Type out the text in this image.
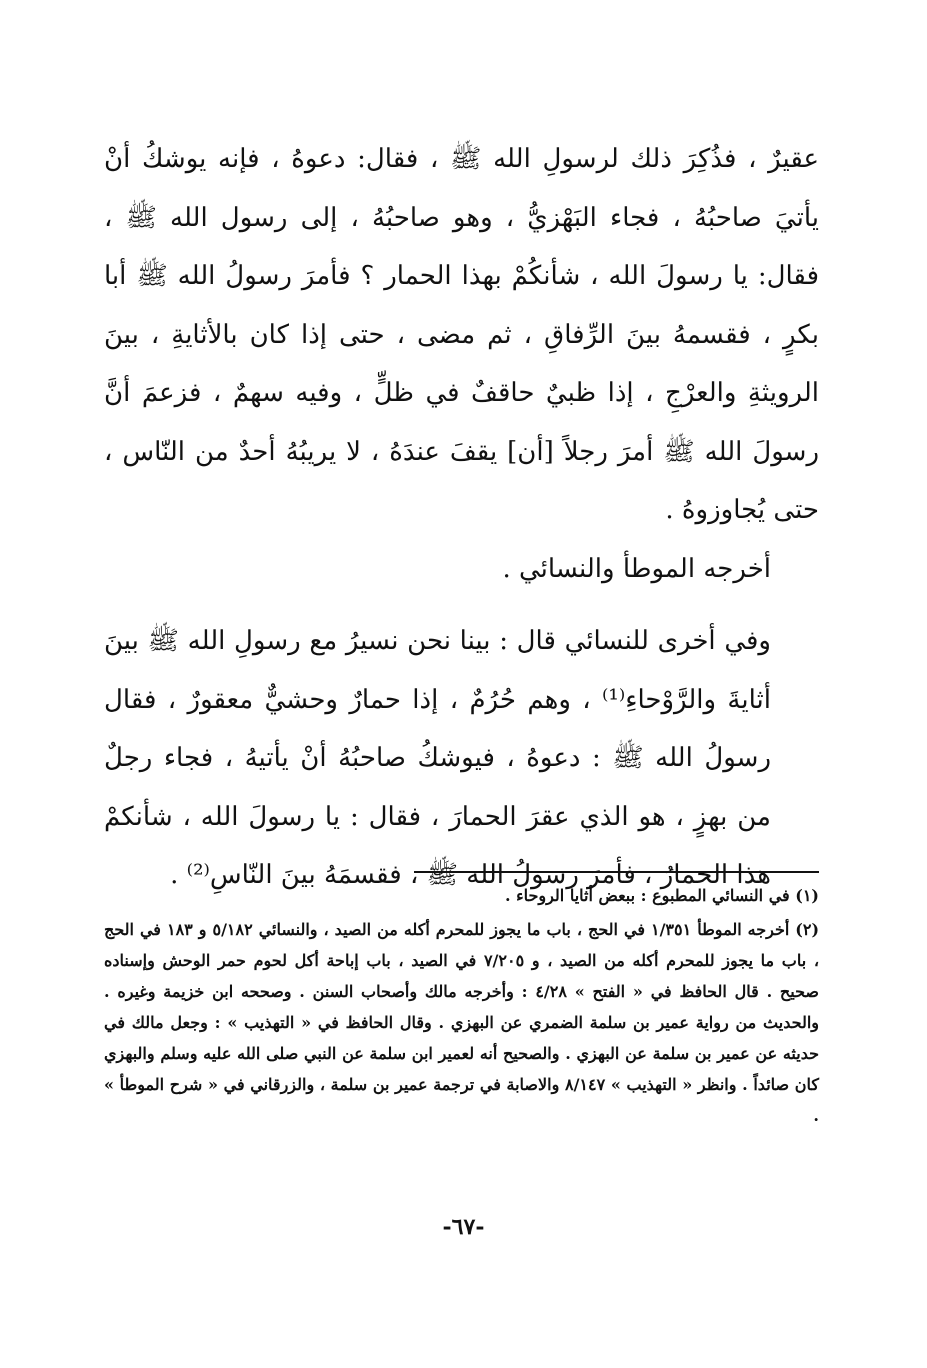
عقيرٌ ، فذُكِرَ ذلك لرسولِ الله ﷺ ، فقال: دعوهُ ، فإنه يوشكُ أنْ يأتيَ صاحبُهُ ، فجاء البَهْزيُّ ، وهو صاحبُهُ ، إلى رسول الله ﷺ ، فقال: يا رسولَ الله ، شأنكُمْ بهذا الحمار ؟ فأمرَ رسولُ الله ﷺ أبا بكرٍ ، فقسمهُ بينَ الرِّفاقِ ، ثم مضى ، حتى إذا كان بالأثايةِ ، بينَ الرويثةِ والعرْجِ ، إذا ظبيٌ حاقفٌ في ظلٍّ ، وفيه سهمٌ ، فزعمَ أنَّ رسولَ الله ﷺ أمرَ رجلاً [أن] يقفَ عندَهُ ، لا يريبُهُ أحدٌ من النّاس ، حتى يُجاوزوهُ .

أخرجه الموطأ والنسائي .

وفي أخرى للنسائي قال : بينا نحن نسيرُ مع رسولِ الله ﷺ بينَ أثايةَ والرَّوْحاءِ⁽¹⁾ ، وهم حُرُمٌ ، إذا حمارٌ وحشيٌّ معقورٌ ، فقال رسولُ الله ﷺ : دعوهُ ، فيوشكُ صاحبُهُ أنْ يأتيهُ ، فجاء رجلٌ من بهزٍ ، هو الذي عقرَ الحمارَ ، فقال : يا رسولَ الله ، شأنكمْ هذا الحمارُ ، فأمرَ رسولُ الله ﷺ ، فقسمَهُ بينَ النّاسِ⁽²⁾ .

(١) في النسائي المطبوع : ببعض أثايا الروحاء .

(٢) أخرجه الموطأ ١/٣٥١ في الحج ، باب ما يجوز للمحرم أكله من الصيد ، والنسائي ٥/١٨٢ و ١٨٣ في الحج ، باب ما يجوز للمحرم أكله من الصيد ، و ٧/٢٠٥ في الصيد ، باب إباحة أكل لحوم حمر الوحش وإسناده صحيح . قال الحافظ في « الفتح » ٤/٢٨ : وأخرجه مالك وأصحاب السنن . وصححه ابن خزيمة وغيره . والحديث من رواية عمير بن سلمة الضمري عن البهزي . وقال الحافظ في « التهذيب » : وجعل مالك في حديثه عن عمير بن سلمة عن البهزي . والصحيح أنه لعمير ابن سلمة عن النبي صلى الله عليه وسلم والبهزي كان صائداً . وانظر « التهذيب » ٨/١٤٧ والاصابة في ترجمة عمير بن سلمة ، والزرقاني في « شرح الموطأ » .

-٦٧-
